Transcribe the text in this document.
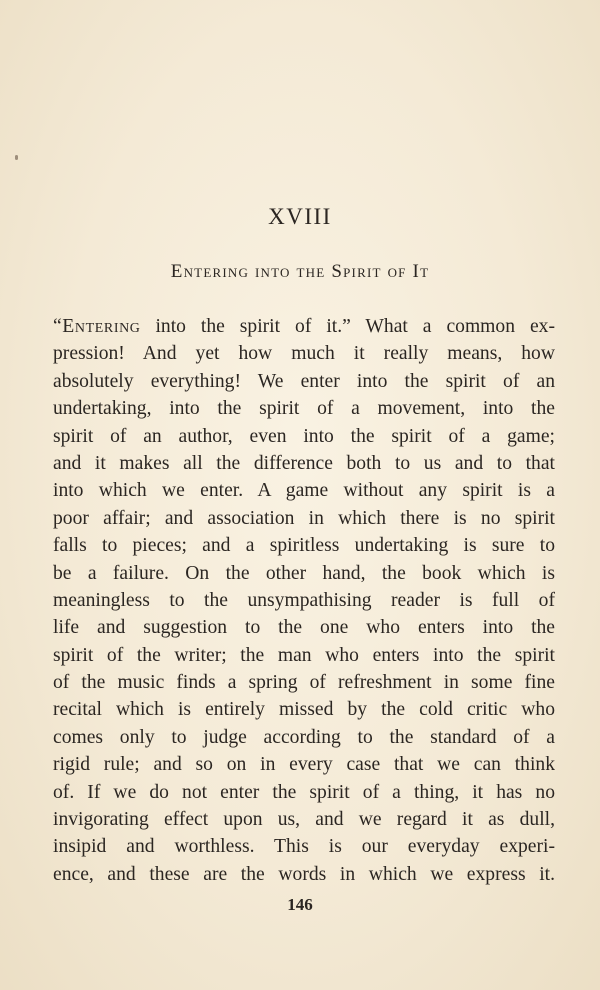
XVIII
Entering into the Spirit of It
“Entering into the spirit of it.” What a common ex-
pression! And yet how much it really means, how
absolutely everything! We enter into the spirit of an
undertaking, into the spirit of a movement, into the
spirit of an author, even into the spirit of a game;
and it makes all the difference both to us and to that
into which we enter. A game without any spirit is a
poor affair; and association in which there is no spirit
falls to pieces; and a spiritless undertaking is sure to
be a failure. On the other hand, the book which is
meaningless to the unsympathising reader is full of
life and suggestion to the one who enters into the
spirit of the writer; the man who enters into the spirit
of the music finds a spring of refreshment in some fine
recital which is entirely missed by the cold critic who
comes only to judge according to the standard of a
rigid rule; and so on in every case that we can think
of. If we do not enter the spirit of a thing, it has no
invigorating effect upon us, and we regard it as dull,
insipid and worthless. This is our everyday experi-
ence, and these are the words in which we express it.
146
